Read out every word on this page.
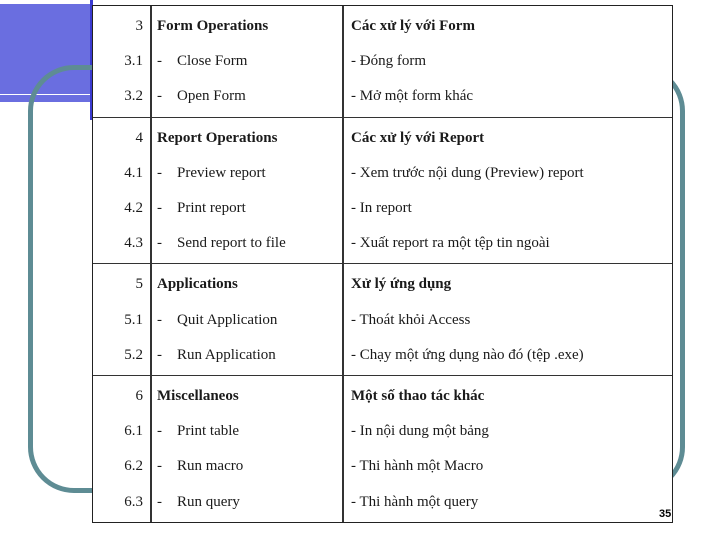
3 Form Operations	Các xử lý với Form
3.1 - Close Form	- Đóng form
3.2 - Open Form	- Mở một form khác
4 Report Operations	Các xử lý với Report
4.1 - Preview report	- Xem trước nội dung (Preview) report
4.2 - Print report	- In report
4.3 - Send report to file	- Xuất report ra một tệp tin ngoài
5 Applications	Xử lý ứng dụng
5.1 - Quit Application	- Thoát khỏi Access
5.2 - Run Application	- Chạy một ứng dụng nào đó (tệp .exe)
6 Miscellaneos	Một số thao tác khác
6.1 - Print table	- In nội dung một bảng
6.2 - Run macro	- Thi hành một Macro
6.3 - Run query	- Thi hành một query
35
